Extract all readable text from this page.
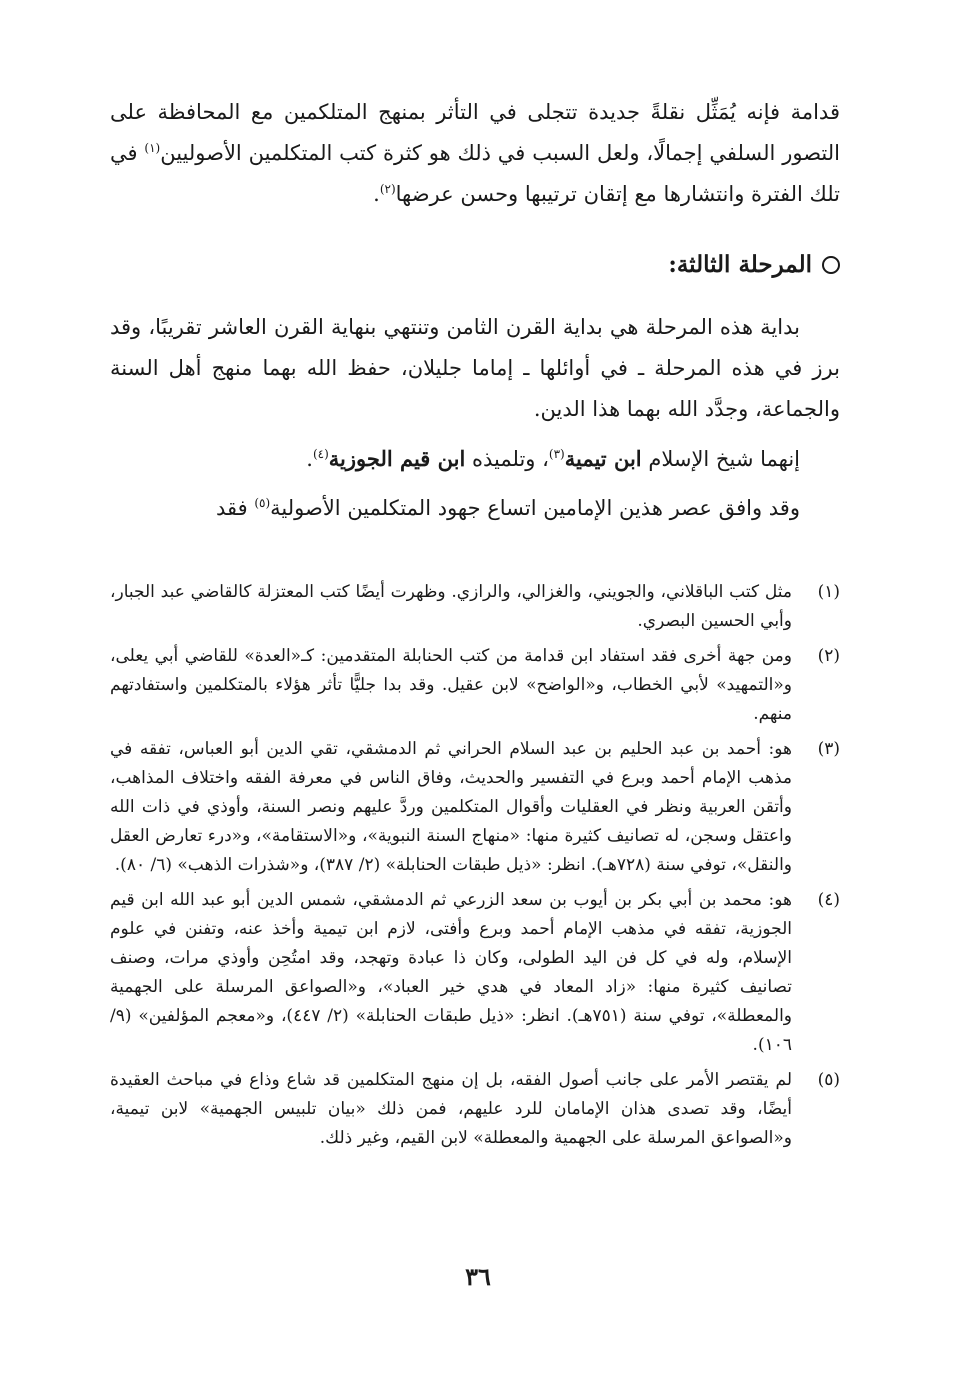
قدامة فإنه يُمَثِّل نقلةً جديدة تتجلى في التأثر بمنهج المتلكمين مع المحافظة على التصور السلفي إجمالًا، ولعل السبب في ذلك هو كثرة كتب المتكلمين الأصوليين$^{(١)}$ في تلك الفترة وانتشارها مع إتقان ترتيبها وحسن عرضها$^{(٢)}$.

المرحلة الثالثة:

بداية هذه المرحلة هي بداية القرن الثامن وتنتهي بنهاية القرن العاشر تقريبًا، وقد برز في هذه المرحلة ـ في أوائلها ـ إماما جليلان، حفظ الله بهما منهج أهل السنة والجماعة، وجدَّد الله بهما هذا الدين.

إنهما شيخ الإسلام ابن تيمية$^{(٣)}$، وتلميذه ابن قيم الجوزية$^{(٤)}$.

وقد وافق عصر هذين الإمامين اتساع جهود المتكلمين الأصولية$^{(٥)}$ فقد

(١)
مثل كتب الباقلاني، والجويني، والغزالي، والرازي. وظهرت أيضًا كتب المعتزلة كالقاضي عبد الجبار، وأبي الحسين البصري.
(٢)
ومن جهة أخرى فقد استفاد ابن قدامة من كتب الحنابلة المتقدمين: كـ«العدة» للقاضي أبي يعلى، و«التمهيد» لأبي الخطاب، و«الواضح» لابن عقيل. وقد بدا جليًّا تأثر هؤلاء بالمتكلمين واستفادتهم منهم.
(٣)
هو: أحمد بن عبد الحليم بن عبد السلام الحراني ثم الدمشقي، تقي الدين أبو العباس، تفقه في مذهب الإمام أحمد وبرع في التفسير والحديث، وفاق الناس في معرفة الفقه واختلاف المذاهب، وأتقن العربية ونظر في العقليات وأقوال المتكلمين وردَّ عليهم ونصر السنة، وأوذي في ذات الله واعتقل وسجن، له تصانيف كثيرة منها: «منهاج السنة النبوية»، و«الاستقامة»، و«درء تعارض العقل والنقل»، توفي سنة (٧٢٨هـ). انظر: «ذيل طبقات الحنابلة» (٢/ ٣٨٧)، و«شذرات الذهب» (٦/ ٨٠).
(٤)
هو: محمد بن أبي بكر بن أيوب بن سعد الزرعي ثم الدمشقي، شمس الدين أبو عبد الله ابن قيم الجوزية، تفقه في مذهب الإمام أحمد وبرع وأفتى، لازم ابن تيمية وأخذ عنه، وتفنن في علوم الإسلام، وله في كل فن اليد الطولى، وكان ذا عبادة وتهجد، وقد امتُحِن وأوذي مرات، وصنف تصانيف كثيرة منها: «زاد المعاد في هدي خير العباد»، و«الصواعق المرسلة على الجهمية والمعطلة»، توفي سنة (٧٥١هـ). انظر: «ذيل طبقات الحنابلة» (٢/ ٤٤٧)، و«معجم المؤلفين» (٩/ ١٠٦).
(٥)
لم يقتصر الأمر على جانب أصول الفقه، بل إن منهج المتكلمين قد شاع وذاع في مباحث العقيدة أيضًا، وقد تصدى هذان الإمامان للرد عليهم، فمن ذلك «بيان تلبيس الجهمية» لابن تيمية، و«الصواعق المرسلة على الجهمية والمعطلة» لابن القيم، وغير ذلك.
٣٦
